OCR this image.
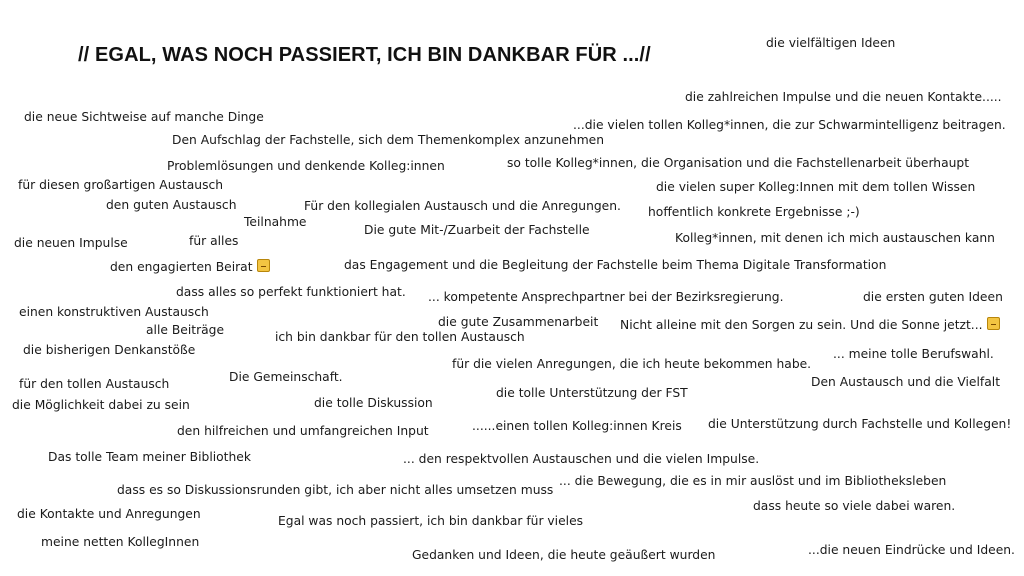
// EGAL, WAS NOCH PASSIERT, ICH BIN DANKBAR FÜR ...//
die vielfältigen Ideen
die zahlreichen Impulse und die neuen Kontakte.....
die neue Sichtweise auf manche Dinge
...die vielen tollen Kolleg*innen, die zur Schwarmintelligenz beitragen.
Den Aufschlag der Fachstelle, sich dem Themenkomplex anzunehmen
Problemlösungen und denkende Kolleg:innen	so tolle Kolleg*innen, die Organisation und die Fachstellenarbeit überhaupt
für diesen großartigen Austausch	die vielen super Kolleg:Innen mit dem tollen Wissen
den guten Austausch	Für den kollegialen Austausch und die Anregungen. hoffentlich konkrete Ergebnisse ;-)
Teilnahme
Die gute Mit-/Zuarbeit der Fachstelle
die neuen Impulse	für alles	Kolleg*innen, mit denen ich mich austauschen kann
den engagierten Beirat	das Engagement und die Begleitung der Fachstelle beim Thema Digitale Transformation
dass alles so perfekt funktioniert hat. ... kompetente Ansprechpartner bei der Bezirksregierung.	die ersten guten Ideen
einen konstruktiven Austausch
die gute Zusammenarbeit
alle Beiträge	Nicht alleine mit den Sorgen zu sein. Und die Sonne jetzt...
ich bin dankbar für den tollen Austausch
die bisherigen Denkanstöße	... meine tolle Berufswahl.
für die vielen Anregungen, die ich heute bekommen habe.
Die Gemeinschaft.
für den tollen Austausch	Den Austausch und die Vielfalt
die tolle Unterstützung der FST
die Möglichkeit dabei zu sein	die tolle Diskussion
die Unterstützung durch Fachstelle und Kollegen!
den hilfreichen und umfangreichen Input	......einen tollen Kolleg:innen Kreis
Das tolle Team meiner Bibliothek	... den respektvollen Austauschen und die vielen Impulse.
... die Bewegung, die es in mir auslöst und im Bibliotheksleben
dass es so Diskussionsrunden gibt, ich aber nicht alles umsetzen muss
dass heute so viele dabei waren.
die Kontakte und Anregungen	Egal was noch passiert, ich bin dankbar für vieles
meine netten KollegInnen
...die neuen Eindrücke und Ideen.
Gedanken und Ideen, die heute geäußert wurden
